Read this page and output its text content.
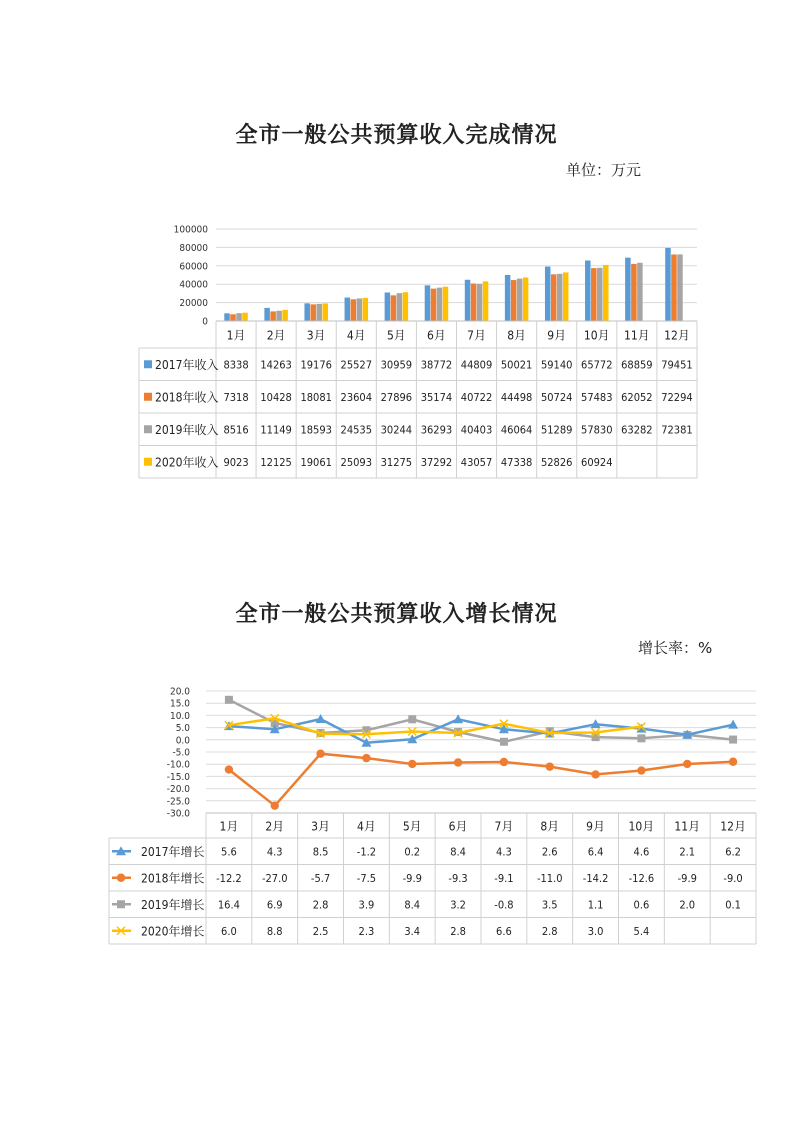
全市一般公共预算收入完成情况
单位：万元
全市一般公共预算收入增长情况
增长率：%
0
20000
40000
60000
80000
100000
1月 2月 3月 4月 5月 6月 7月 8月 9月 10月 11月 12月
2017年收入 8338 14263 19176 25527 30959 38772 44809 50021 59140 65772 68859 79451
2018年收入 7318 10428 18081 23604 27896 35174 40722 44498 50724 57483 62052 72294
2019年收入 8516 11149 18593 24535 30244 36293 40403 46064 51289 57830 63282 72381
2020年收入 9023 12125 19061 25093 31275 37292 43057 47338 52826 60924
20.0
15.0
10.0
5.0
0.0
-5.0
-10.0
-15.0
-20.0
-25.0
-30.0
1月 2月 3月 4月 5月 6月 7月 8月 9月 10月 11月 12月
2017年增长 5.6	4.3	8.5	-1.2	0.2	8.4	4.3	2.6	6.4	4.6	2.1	6.2
2018年增长 -12.2 -27.0 -5.7 -7.5 -9.9 -9.3 -9.1 -11.0 -14.2 -12.6 -9.9 -9.0
2019年增长 16.4 6.9	2.8	3.9	8.4	3.2	-0.8	3.5	1.1	0.6	2.0	0.1
2020年增长 6.0	8.8	2.5	2.3	3.4	2.8	6.6	2.8	3.0	5.4
